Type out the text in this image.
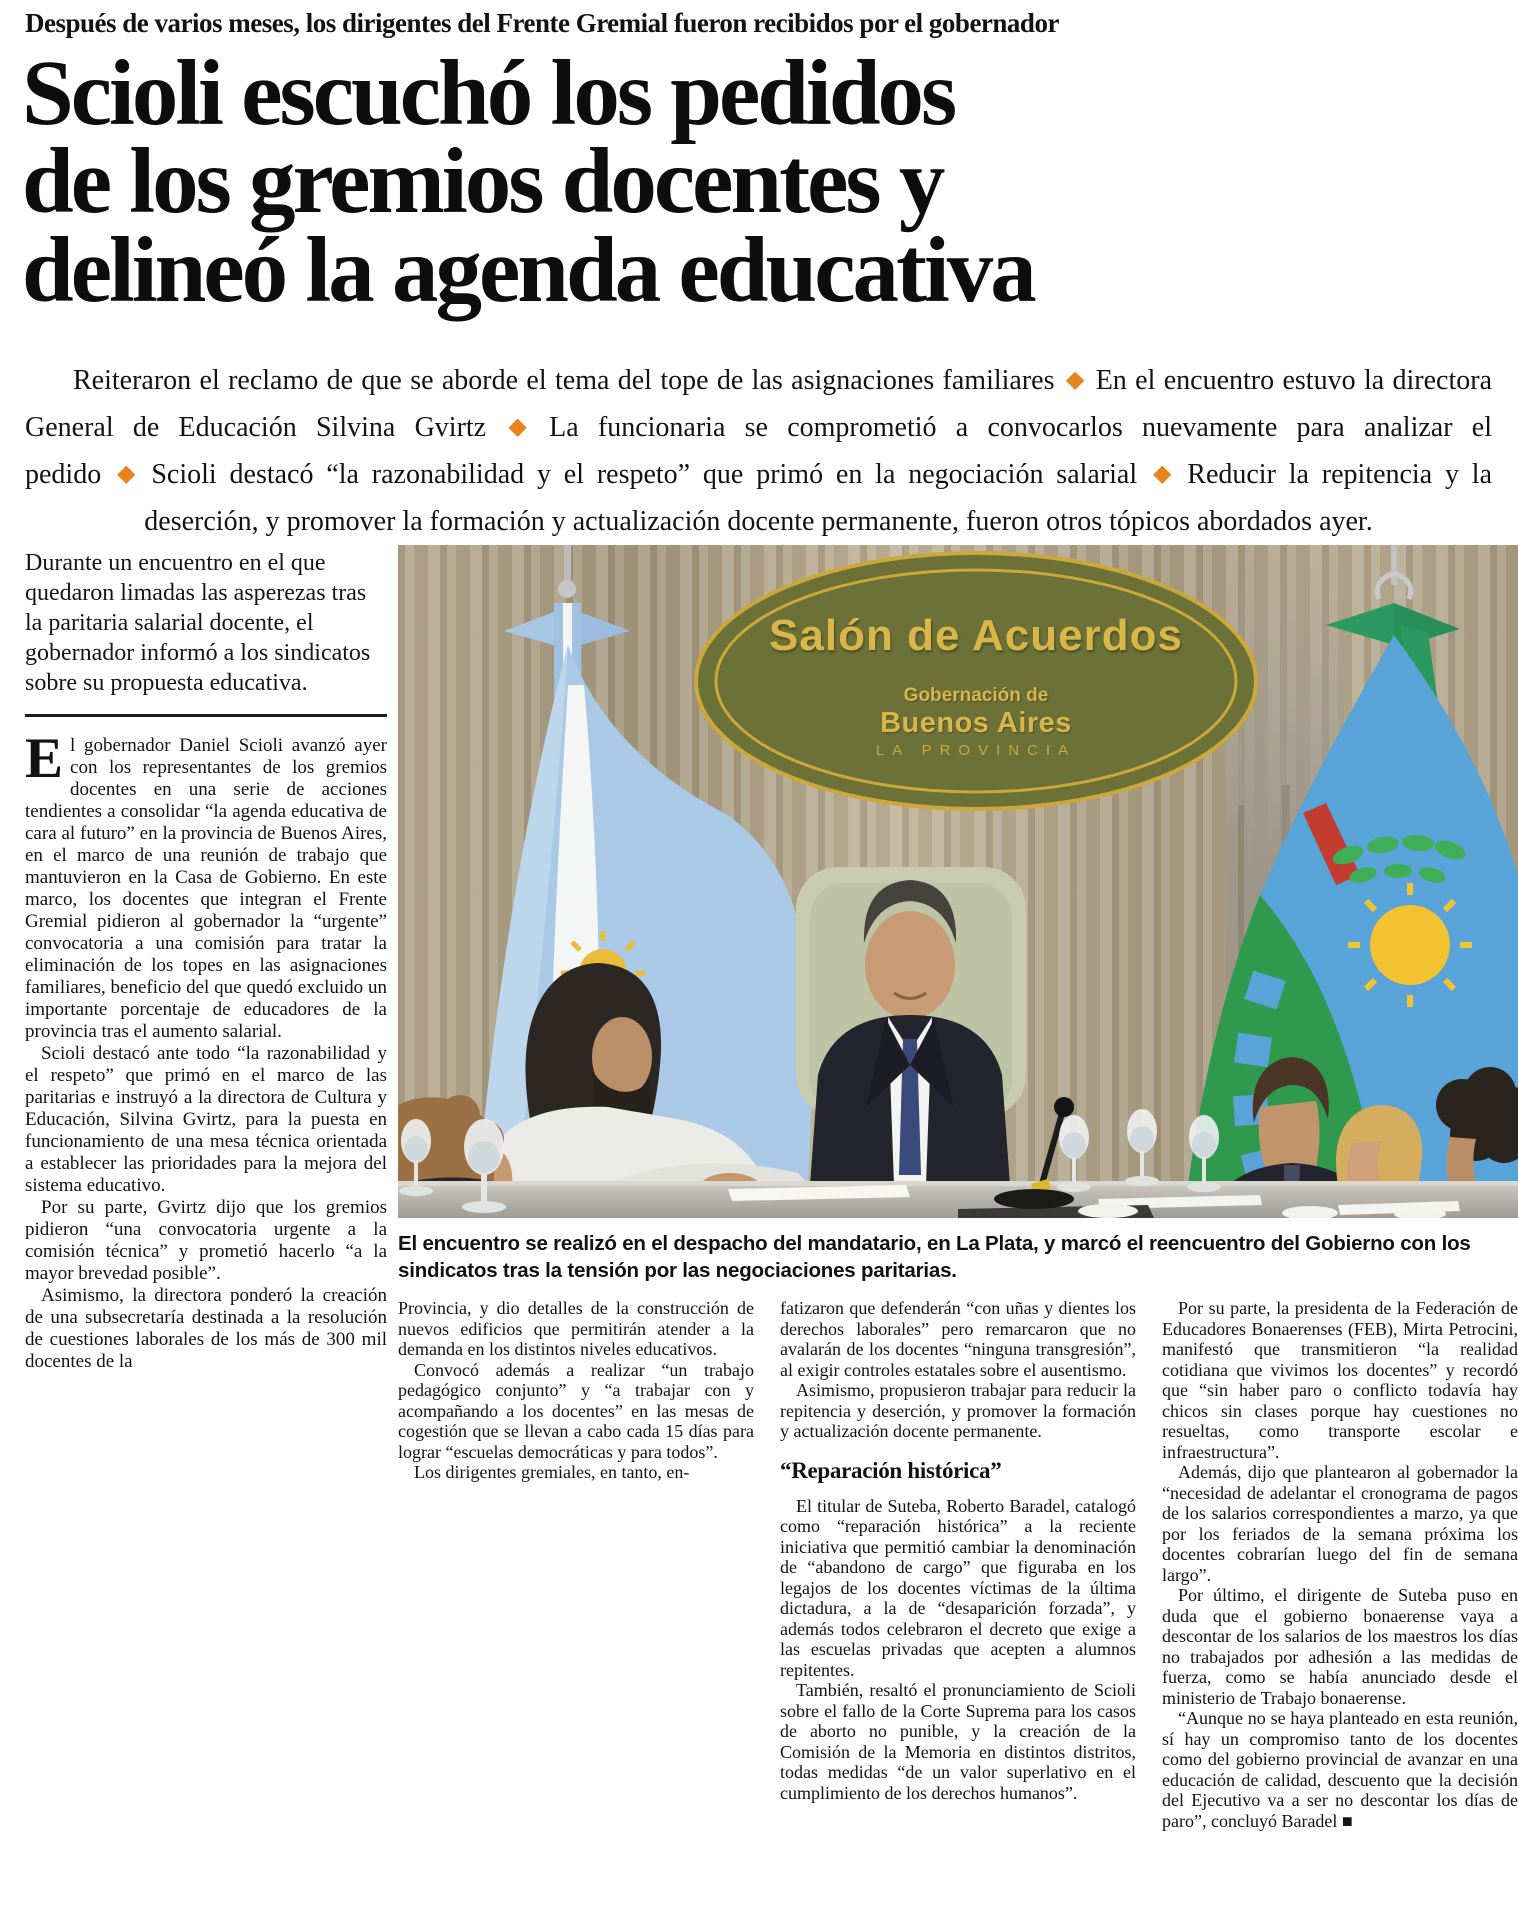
Después de varios meses, los dirigentes del Frente Gremial fueron recibidos por el gobernador
Scioli escuchó los pedidos
de los gremios docentes y
delineó la agenda educativa

Reiteraron el reclamo de que se aborde el tema del tope de las asignaciones familiares ◆ En el encuentro estuvo la directora General de Educación Silvina Gvirtz ◆ La funcionaria se comprometió a convocarlos nuevamente para analizar el pedido ◆ Scioli destacó “la razonabilidad y el respeto” que primó en la negociación salarial ◆ Reducir la repitencia y la deserción, y promover la formación y actualización docente permanente, fueron otros tópicos abordados ayer.

Durante un encuentro en el que quedaron limadas las asperezas tras la paritaria salarial docente, el gobernador informó a los sindicatos sobre su propuesta educativa.

El gobernador Daniel Scioli avanzó ayer con los representantes de los gremios docentes en una serie de acciones tendientes a consolidar “la agenda educativa de cara al futuro” en la provincia de Buenos Aires, en el marco de una reunión de trabajo que mantuvieron en la Casa de Gobierno. En este marco, los docentes que integran el Frente Gremial pidieron al gobernador la “urgente” convocatoria a una comisión para tratar la eliminación de los topes en las asignaciones familiares, beneficio del que quedó excluido un importante porcentaje de educadores de la provincia tras el aumento salarial.

Scioli destacó ante todo “la razonabilidad y el respeto” que primó en el marco de las paritarias e instruyó a la directora de Cultura y Educación, Silvina Gvirtz, para la puesta en funcionamiento de una mesa técnica orientada a establecer las prioridades para la mejora del sistema educativo.

Por su parte, Gvirtz dijo que los gremios pidieron “una convocatoria urgente a la comisión técnica” y prometió hacerlo “a la mayor brevedad posible”.

Asimismo, la directora ponderó la creación de una subsecretaría destinada a la resolución de cuestiones laborales de los más de 300 mil docentes de la

Salón de Acuerdos
Gobernación de
Buenos Aires
LA PROVINCIA

El encuentro se realizó en el despacho del mandatario, en La Plata, y marcó el reencuentro del Gobierno con los sindicatos tras la tensión por las negociaciones paritarias.

Provincia, y dio detalles de la construcción de nuevos edificios que permitirán atender a la demanda en los distintos niveles educativos.

Convocó además a realizar “un trabajo pedagógico conjunto” y “a trabajar con y acompañando a los docentes” en las mesas de cogestión que se llevan a cabo cada 15 días para lograr “escuelas democráticas y para todos”.

Los dirigentes gremiales, en tanto, en-

fatizaron que defenderán “con uñas y dientes los derechos laborales” pero remarcaron que no avalarán de los docentes “ninguna transgresión”, al exigir controles estatales sobre el ausentismo.

Asimismo, propusieron trabajar para reducir la repitencia y deserción, y promover la formación y actualización docente permanente.

“Reparación histórica”

El titular de Suteba, Roberto Baradel, catalogó como “reparación histórica” a la reciente iniciativa que permitió cambiar la denominación de “abandono de cargo” que figuraba en los legajos de los docentes víctimas de la última dictadura, a la de “desaparición forzada”, y además todos celebraron el decreto que exige a las escuelas privadas que acepten a alumnos repitentes.

También, resaltó el pronunciamiento de Scioli sobre el fallo de la Corte Suprema para los casos de aborto no punible, y la creación de la Comisión de la Memoria en distintos distritos, todas medidas “de un valor superlativo en el cumplimiento de los derechos humanos”.

Por su parte, la presidenta de la Federación de Educadores Bonaerenses (FEB), Mirta Petrocini, manifestó que transmitieron “la realidad cotidiana que vivimos los docentes” y recordó que “sin haber paro o conflicto todavía hay chicos sin clases porque hay cuestiones no resueltas, como transporte escolar e infraestructura”.

Además, dijo que plantearon al gobernador la “necesidad de adelantar el cronograma de pagos de los salarios correspondientes a marzo, ya que por los feriados de la semana próxima los docentes cobrarían luego del fin de semana largo”.

Por último, el dirigente de Suteba puso en duda que el gobierno bonaerense vaya a descontar de los salarios de los maestros los días no trabajados por adhesión a las medidas de fuerza, como se había anunciado desde el ministerio de Trabajo bonaerense.

“Aunque no se haya planteado en esta reunión, sí hay un compromiso tanto de los docentes como del gobierno provincial de avanzar en una educación de calidad, descuento que la decisión del Ejecutivo va a ser no descontar los días de paro”, concluyó Baradel ■
